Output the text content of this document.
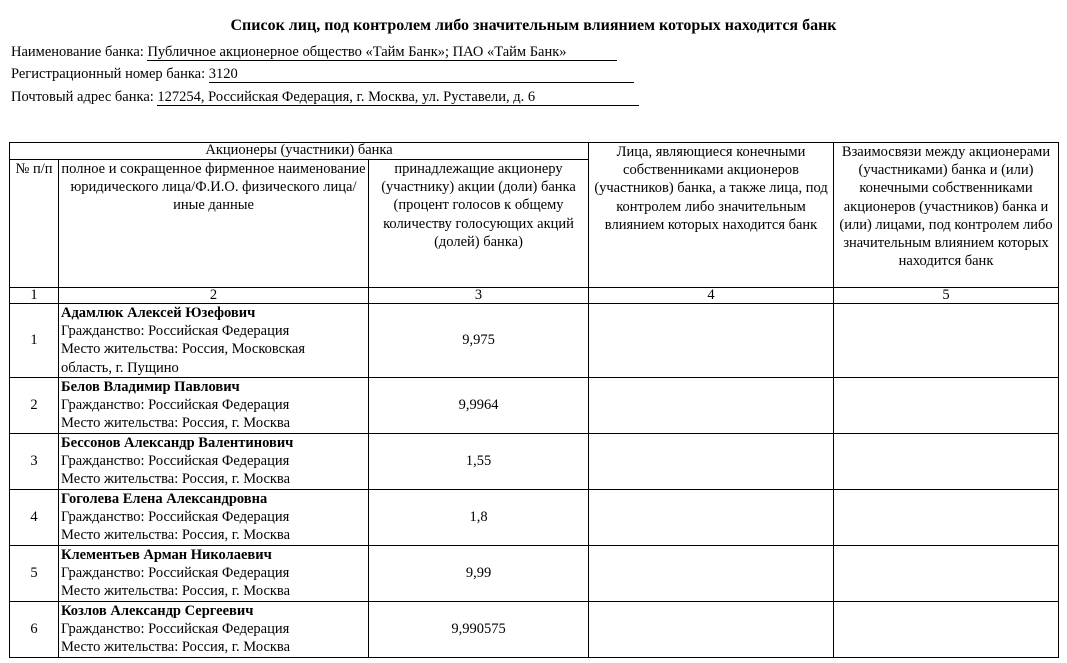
Список лиц, под контролем либо значительным влиянием которых находится банк
Наименование банка: Публичное акционерное общество «Тайм Банк»; ПАО «Тайм Банк»
Регистрационный номер банка: 3120
Почтовый адрес банка: 127254, Российская Федерация, г. Москва, ул. Руставели, д. 6
Акционеры (участники) банка			Лица, являющиеся конечными собственниками акционеров (участников) банка, а также лица, под контролем либо значительным влиянием которых находится банк	Взаимосвязи между акционерами (участниками) банка и (или) конечными собственниками акционеров (участников) банка и (или) лицами, под контролем либо значительным влиянием которых находится банк
№ п/п	полное и сокращенное фирменное наименование юридического лица/Ф.И.О. физического лица/иные данные	принадлежащие акционеру (участнику) акции (доли) банка (процент голосов к общему количеству голосующих акций (долей) банка)		
1	2	3	4	5
1	Адамлюк Алексей Юзефович
Гражданство: Российская Федерация
Место жительства: Россия, Московская
область, г. Пущино	9,975		
2	Белов Владимир Павлович
Гражданство: Российская Федерация
Место жительства: Россия, г. Москва	9,9964		
3	Бессонов Александр Валентинович
Гражданство: Российская Федерация
Место жительства: Россия, г. Москва	1,55		
4	Гоголева Елена Александровна
Гражданство: Российская Федерация
Место жительства: Россия, г. Москва	1,8		
5	Клементьев Арман Николаевич
Гражданство: Российская Федерация
Место жительства: Россия, г. Москва	9,99		
6	Козлов Александр Сергеевич
Гражданство: Российская Федерация
Место жительства: Россия, г. Москва	9,990575		
